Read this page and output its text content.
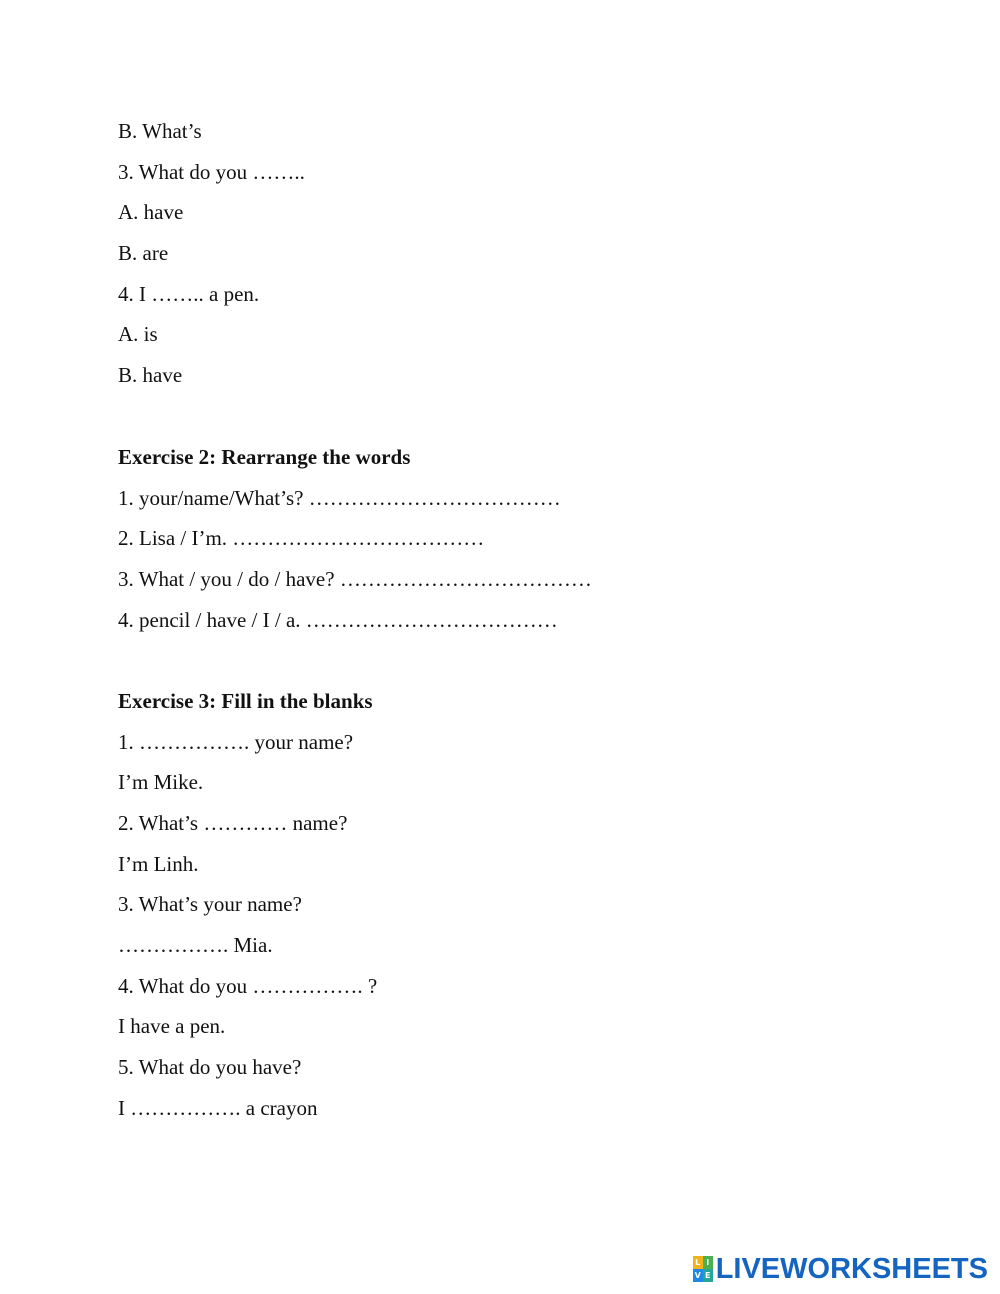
B. What’s
3. What do you ……..
A. have
B. are
4. I …….. a pen.
A. is
B. have
Exercise 2: Rearrange the words
1. your/name/What’s? ………………………………
2. Lisa / I’m. ………………………………
3. What / you / do / have? ………………………………
4. pencil / have / I / a. ………………………………
Exercise 3: Fill in the blanks
1. ……………. your name?
I’m Mike.
2. What’s ………… name?
I’m Linh.
3. What’s your name?
……………. Mia.
4. What do you ……………. ?
I have a pen.
5. What do you have?
I ……………. a crayon
L I
V E LIVEWORKSHEETS
